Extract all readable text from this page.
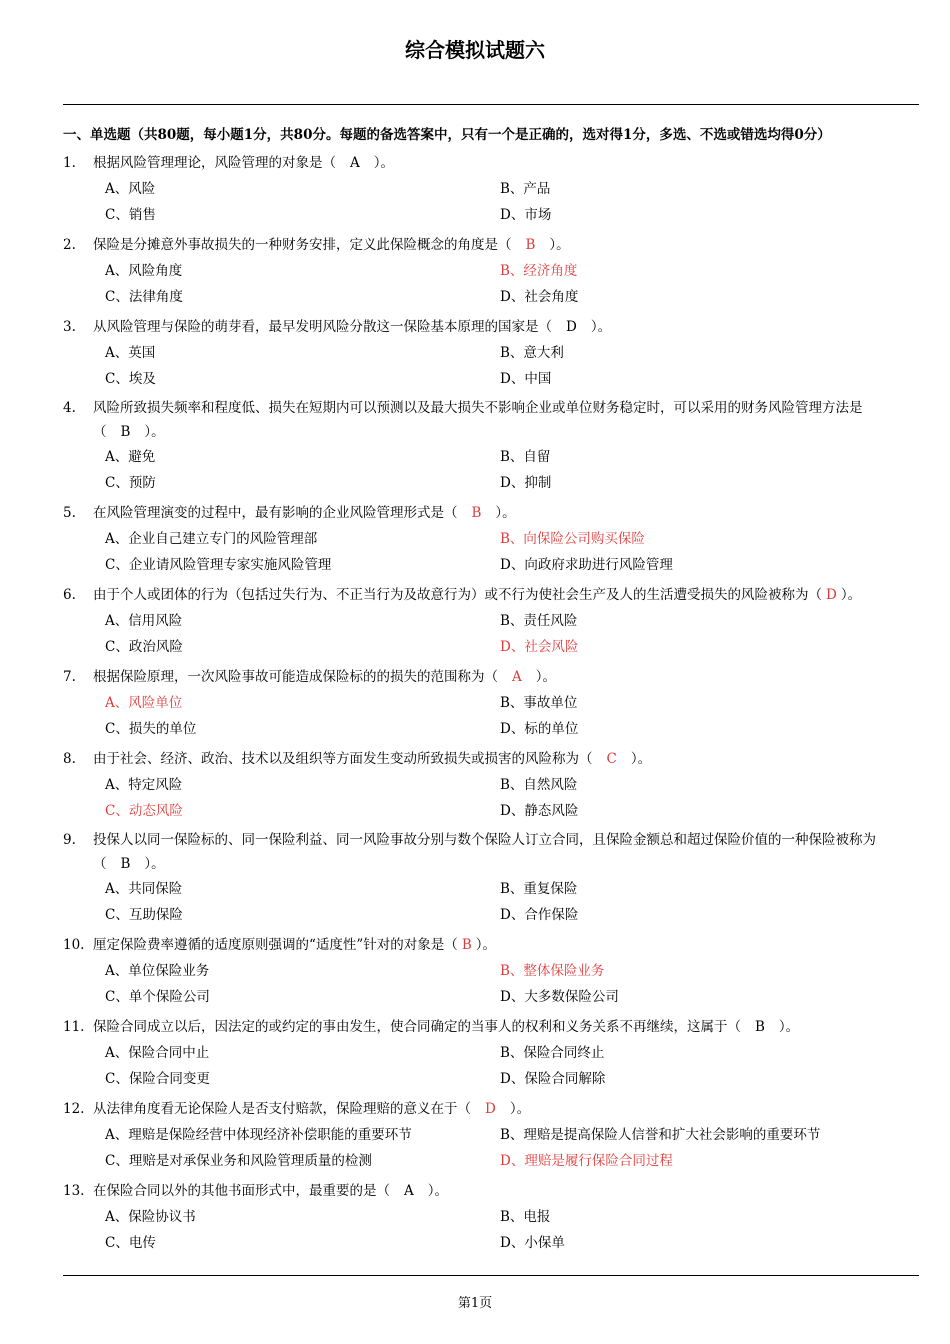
综合模拟试题六
一、单选题（共80题，每小题1分，共80分。每题的备选答案中，只有一个是正确的，选对得1分，多选、不选或错选均得0分）
1.	根据风险管理理论，风险管理的对象是（ A ）。
A、风险	B、产品
C、销售	D、市场
2.	保险是分摊意外事故损失的一种财务安排，定义此保险概念的角度是（ B ）。
A、风险角度	B、经济角度
C、法律角度	D、社会角度
3.	从风险管理与保险的萌芽看，最早发明风险分散这一保险基本原理的国家是（ D ）。
A、英国	B、意大利
C、埃及	D、中国
4.	风险所致损失频率和程度低、损失在短期内可以预测以及最大损失不影响企业或单位财务稳定时，可以采用的财务风险管理方法是（ B ）。
A、避免	B、自留
C、预防	D、抑制
5.	在风险管理演变的过程中，最有影响的企业风险管理形式是（ B ）。
A、企业自己建立专门的风险管理部	B、向保险公司购买保险
C、企业请风险管理专家实施风险管理	D、向政府求助进行风险管理
6.	由于个人或团体的行为（包括过失行为、不正当行为及故意行为）或不行为使社会生产及人的生活遭受损失的风险被称为（ D ）。
A、信用风险	B、责任风险
C、政治风险	D、社会风险
7.	根据保险原理，一次风险事故可能造成保险标的的损失的范围称为（ A ）。
A、风险单位	B、事故单位
C、损失的单位	D、标的单位
8.	由于社会、经济、政治、技术以及组织等方面发生变动所致损失或损害的风险称为（ C ）。
A、特定风险	B、自然风险
C、动态风险	D、静态风险
9.	投保人以同一保险标的、同一保险利益、同一风险事故分别与数个保险人订立合同，且保险金额总和超过保险价值的一种保险被称为（ B ）。
A、共同保险	B、重复保险
C、互助保险	D、合作保险
10. 厘定保险费率遵循的适度原则强调的“适度性”针对的对象是（ B ）。
A、单位保险业务	B、整体保险业务
C、单个保险公司	D、大多数保险公司
11. 保险合同成立以后，因法定的或约定的事由发生，使合同确定的当事人的权利和义务关系不再继续，这属于（ B ）。
A、保险合同中止	B、保险合同终止
C、保险合同变更	D、保险合同解除
12. 从法律角度看无论保险人是否支付赔款，保险理赔的意义在于（ D ）。
A、理赔是保险经营中体现经济补偿职能的重要环节	B、理赔是提高保险人信誉和扩大社会影响的重要环节
C、理赔是对承保业务和风险管理质量的检测	D、理赔是履行保险合同过程
13. 在保险合同以外的其他书面形式中，最重要的是（ A ）。
A、保险协议书	B、电报
C、电传	D、小保单
第1页
